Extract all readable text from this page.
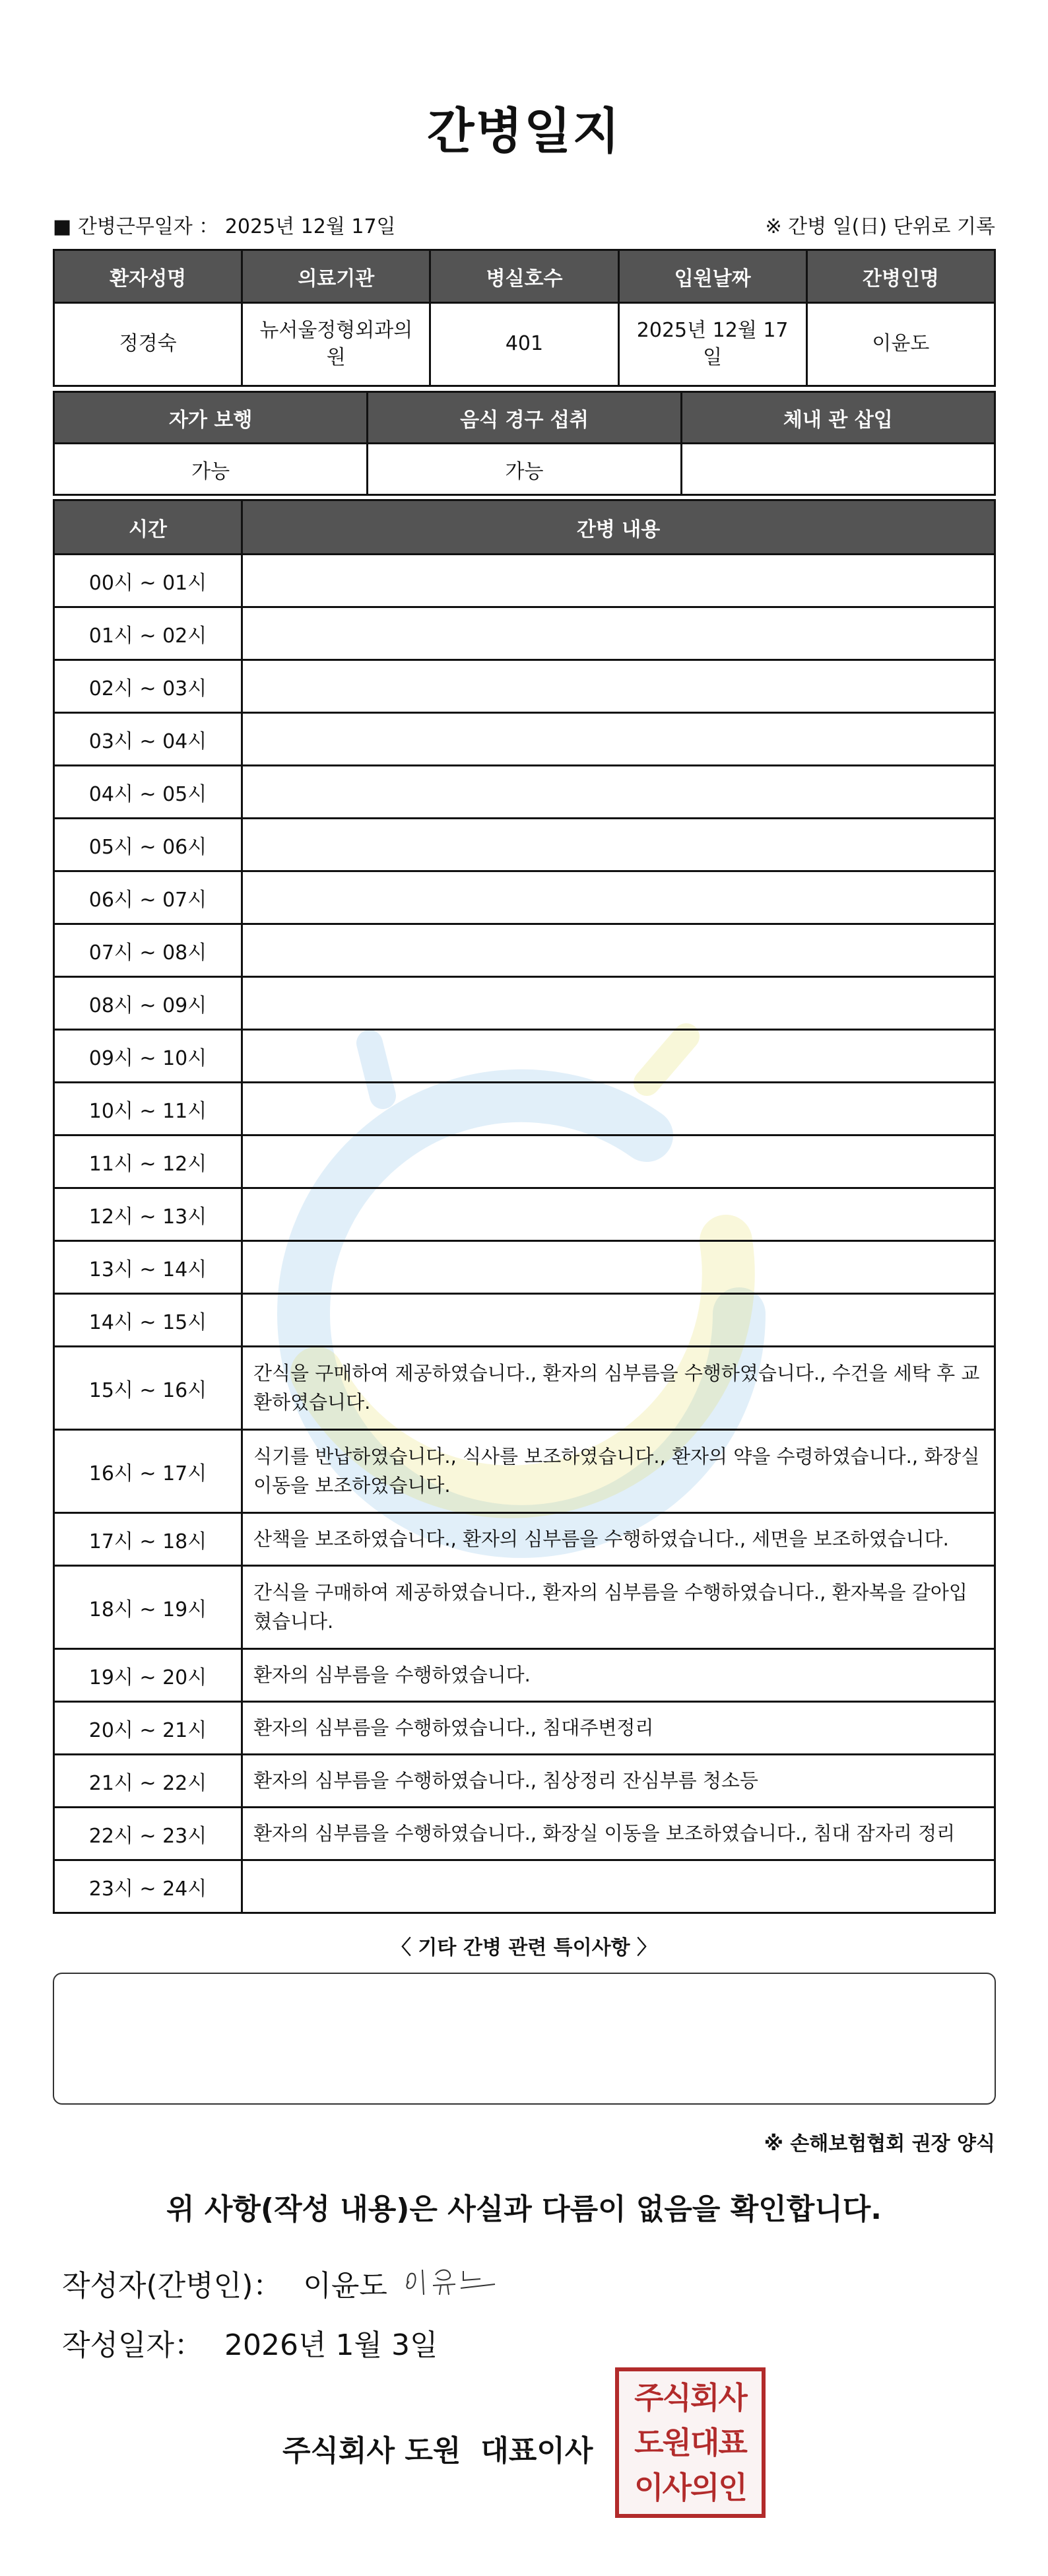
간병일지
■ 간병근무일자 ： 2025년 12월 17일	※ 간병 일(日) 단위로 기록
환자성명	의료기관	병실호수	입원날짜	간병인명
정경숙	뉴서울정형외과의원	401	2025년 12월 17일	이윤도
자가 보행	음식 경구 섭취	체내 관 삽입
가능	가능	
시간	간병 내용
00시 ~ 01시	
01시 ~ 02시	
02시 ~ 03시	
03시 ~ 04시	
04시 ~ 05시	
05시 ~ 06시	
06시 ~ 07시	
07시 ~ 08시	
08시 ~ 09시	
09시 ~ 10시	
10시 ~ 11시	
11시 ~ 12시	
12시 ~ 13시	
13시 ~ 14시	
14시 ~ 15시	
15시 ~ 16시	간식을 구매하여 제공하였습니다., 환자의 심부름을 수행하였습니다., 수건을 세탁 후 교환하였습니다.
16시 ~ 17시	식기를 반납하였습니다., 식사를 보조하였습니다., 환자의 약을 수령하였습니다., 화장실 이동을 보조하였습니다.
17시 ~ 18시	산책을 보조하였습니다., 환자의 심부름을 수행하였습니다., 세면을 보조하였습니다.
18시 ~ 19시	간식을 구매하여 제공하였습니다., 환자의 심부름을 수행하였습니다., 환자복을 갈아입혔습니다.
19시 ~ 20시	환자의 심부름을 수행하였습니다.
20시 ~ 21시	환자의 심부름을 수행하였습니다., 침대주변정리
21시 ~ 22시	환자의 심부름을 수행하였습니다., 침상정리 잔심부름 청소등
22시 ~ 23시	환자의 심부름을 수행하였습니다., 화장실 이동을 보조하였습니다., 침대 잠자리 정리
23시 ~ 24시	
〈 기타 간병 관련 특이사항 〉
※ 손해보험협회 권장 양식
위 사항(작성 내용)은 사실과 다름이 없음을 확인합니다.
작성자(간병인)： 이윤도
작성일자： 2026년 1월 3일
주식회사 도원 대표이사
주식회사
도원대표
이사의인
